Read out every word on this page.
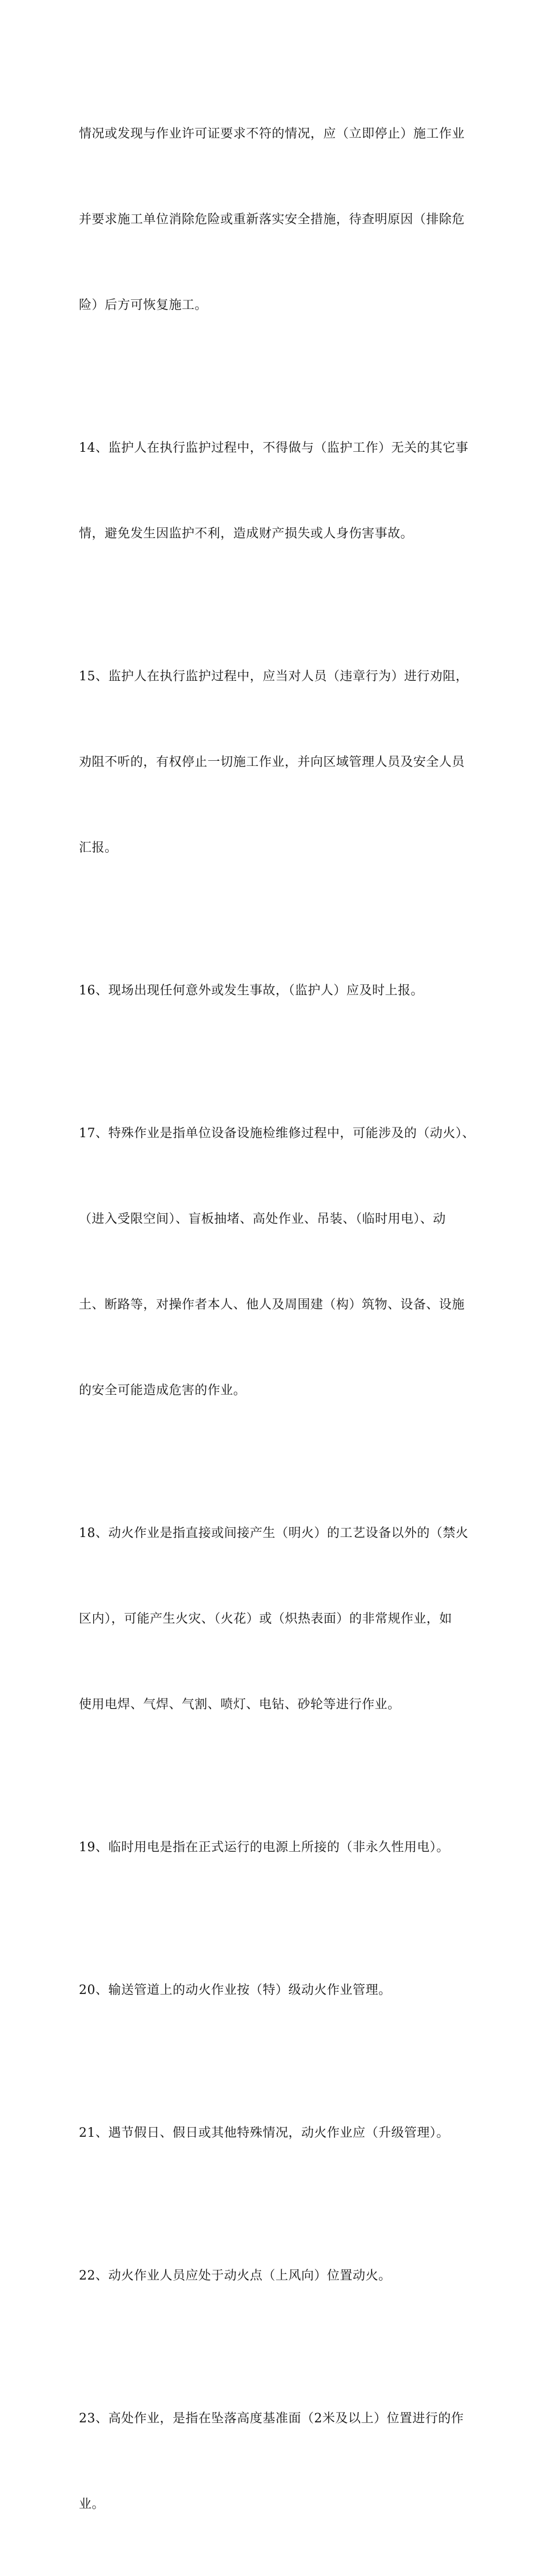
情况或发现与作业许可证要求不符的情况，应（立即停止）施工作业

并要求施工单位消除危险或重新落实安全措施，待查明原因（排除危

险）后方可恢复施工。

14、监护人在执行监护过程中，不得做与（监护工作）无关的其它事

情，避免发生因监护不利，造成财产损失或人身伤害事故。

15、监护人在执行监护过程中，应当对人员（违章行为）进行劝阻，

劝阻不听的，有权停止一切施工作业，并向区域管理人员及安全人员

汇报。

16、现场出现任何意外或发生事故，（监护人）应及时上报。

17、特殊作业是指单位设备设施检维修过程中，可能涉及的（动火）、

（进入受限空间）、盲板抽堵、高处作业、吊装、（临时用电）、动

土、断路等，对操作者本人、他人及周围建（构）筑物、设备、设施

的安全可能造成危害的作业。

18、动火作业是指直接或间接产生（明火）的工艺设备以外的（禁火

区内），可能产生火灾、（火花）或（炽热表面）的非常规作业，如

使用电焊、气焊、气割、喷灯、电钻、砂轮等进行作业。

19、临时用电是指在正式运行的电源上所接的（非永久性用电）。

20、输送管道上的动火作业按（特）级动火作业管理。

21、遇节假日、假日或其他特殊情况，动火作业应（升级管理）。

22、动火作业人员应处于动火点（上风向）位置动火。

23、高处作业，是指在坠落高度基准面（2米及以上）位置进行的作

业。
